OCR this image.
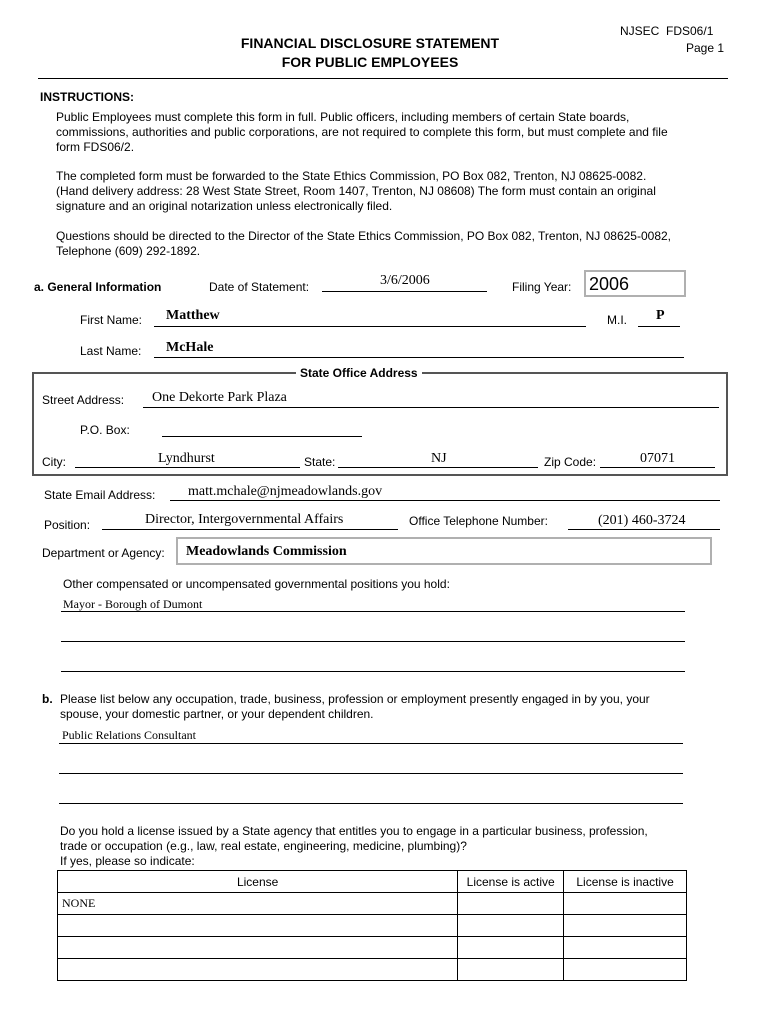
NJSEC  FDS06/1
Page 1
FINANCIAL DISCLOSURE STATEMENT
FOR PUBLIC EMPLOYEES
INSTRUCTIONS:
Public Employees must complete this form in full. Public officers, including members of certain State boards,
commissions, authorities and public corporations, are not required to complete this form, but must complete and file
form FDS06/2.
The completed form must be forwarded to the State Ethics Commission, PO Box 082, Trenton, NJ 08625-0082.
(Hand delivery address: 28 West State Street, Room 1407, Trenton, NJ 08608) The form must contain an original
signature and an original notarization unless electronically filed.
Questions should be directed to the Director of the State Ethics Commission, PO Box 082, Trenton, NJ 08625-0082,
Telephone (609) 292-1892.
a. General Information	Date of Statement:	3/6/2006	Filing Year: 2006
First Name: Matthew	M.I. P
Last Name: McHale
State Office Address
Street Address: One Dekorte Park Plaza
P.O. Box:
City:	Lyndhurst	State:	NJ	Zip Code:	07071
State Email Address: matt.mchale@njmeadowlands.gov
Position:	Director, Intergovernmental Affairs	Office Telephone Number:	(201) 460-3724
Department or Agency: Meadowlands Commission
Other compensated or uncompensated governmental positions you hold:
Mayor - Borough of Dumont
b. Please list below any occupation, trade, business, profession or employment presently engaged in by you, your
spouse, your domestic partner, or your dependent children.
Public Relations Consultant
Do you hold a license issued by a State agency that entitles you to engage in a particular business, profession,
trade or occupation (e.g., law, real estate, engineering, medicine, plumbing)?
If yes, please so indicate:
License	License is active	License is inactive
NONE		
